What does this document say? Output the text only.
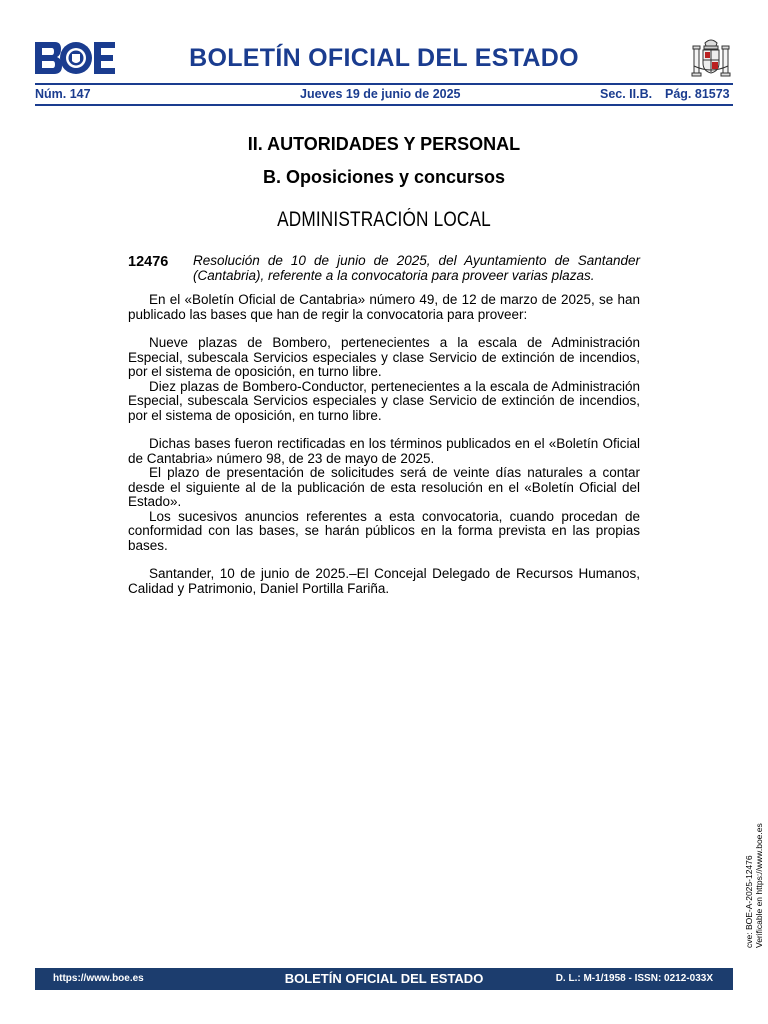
BOLETÍN OFICIAL DEL ESTADO
Núm. 147	Jueves 19 de junio de 2025	Sec. II.B. Pág. 81573
II. AUTORIDADES Y PERSONAL
B. Oposiciones y concursos
ADMINISTRACIÓN LOCAL
12476 Resolución de 10 de junio de 2025, del Ayuntamiento de Santander (Cantabria), referente a la convocatoria para proveer varias plazas.

En el «Boletín Oficial de Cantabria» número 49, de 12 de marzo de 2025, se han publicado las bases que han de regir la convocatoria para proveer:

Nueve plazas de Bombero, pertenecientes a la escala de Administración Especial, subescala Servicios especiales y clase Servicio de extinción de incendios, por el sistema de oposición, en turno libre.

Diez plazas de Bombero-Conductor, pertenecientes a la escala de Administración Especial, subescala Servicios especiales y clase Servicio de extinción de incendios, por el sistema de oposición, en turno libre.

Dichas bases fueron rectificadas en los términos publicados en el «Boletín Oficial de Cantabria» número 98, de 23 de mayo de 2025.

El plazo de presentación de solicitudes será de veinte días naturales a contar desde el siguiente al de la publicación de esta resolución en el «Boletín Oficial del Estado».

Los sucesivos anuncios referentes a esta convocatoria, cuando procedan de conformidad con las bases, se harán públicos en la forma prevista en las propias bases.

Santander, 10 de junio de 2025.–El Concejal Delegado de Recursos Humanos, Calidad y Patrimonio, Daniel Portilla Fariña.

cve: BOE-A-2025-12476 Verificable en https://www.boe.es
https://www.boe.es	BOLETÍN OFICIAL DEL ESTADO	D. L.: M-1/1958 - ISSN: 0212-033X
